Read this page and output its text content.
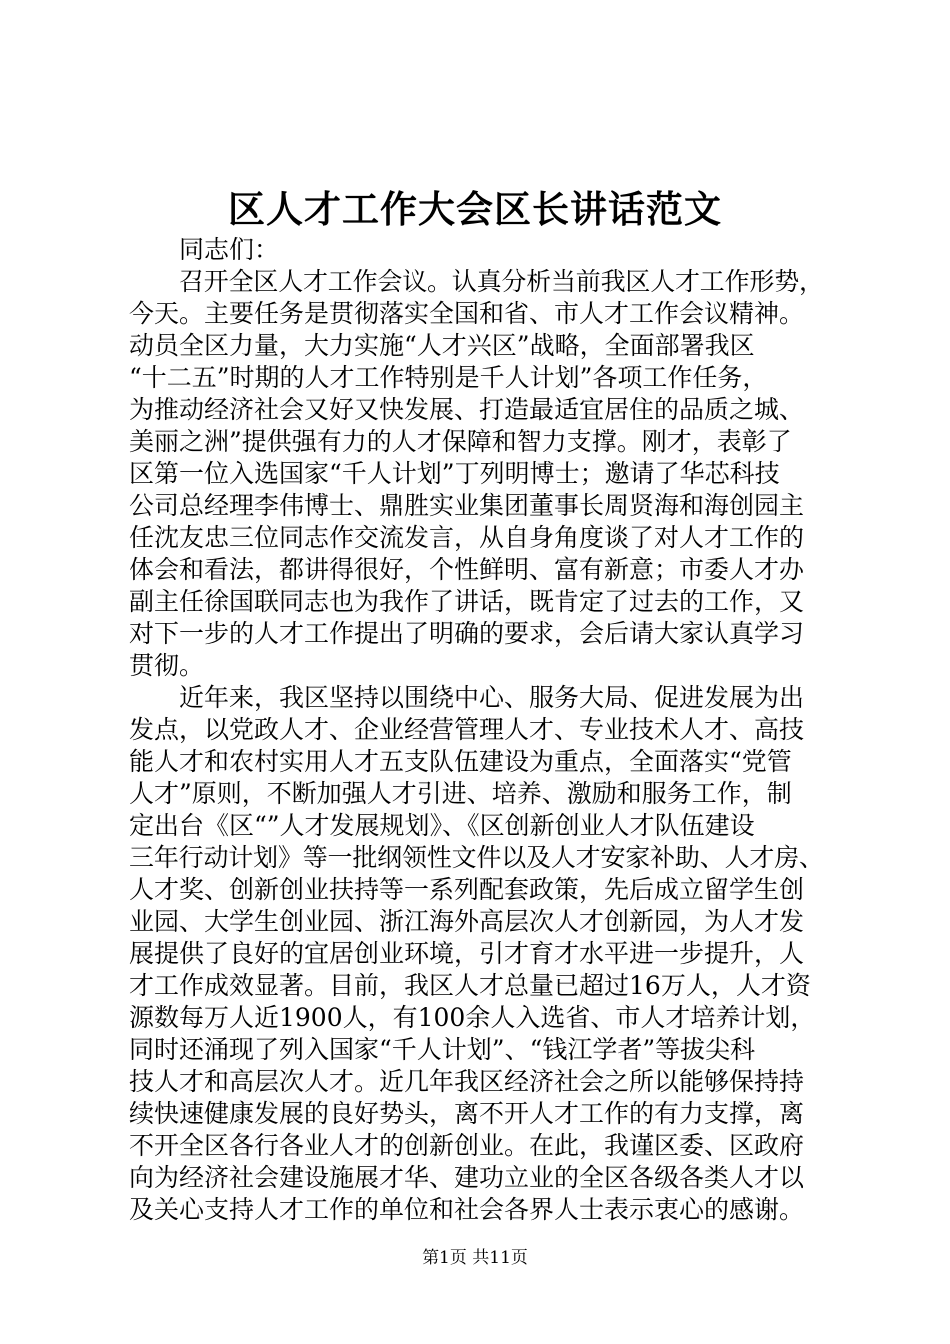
区人才工作大会区长讲话范文
同志们：
召开全区人才工作会议。认真分析当前我区人才工作形势，
今天。主要任务是贯彻落实全国和省、市人才工作会议精神。
动员全区力量，大力实施“人才兴区”战略，全面部署我区
“十二五”时期的人才工作特别是千人计划”各项工作任务，
为推动经济社会又好又快发展、打造最适宜居住的品质之城、
美丽之洲”提供强有力的人才保障和智力支撑。刚才，表彰了
区第一位入选国家“千人计划”丁列明博士；邀请了华芯科技
公司总经理李伟博士、鼎胜实业集团董事长周贤海和海创园主
任沈友忠三位同志作交流发言，从自身角度谈了对人才工作的
体会和看法，都讲得很好，个性鲜明、富有新意；市委人才办
副主任徐国联同志也为我作了讲话，既肯定了过去的工作，又
对下一步的人才工作提出了明确的要求，会后请大家认真学习
贯彻。
近年来，我区坚持以围绕中心、服务大局、促进发展为出
发点，以党政人才、企业经营管理人才、专业技术人才、高技
能人才和农村实用人才五支队伍建设为重点，全面落实“党管
人才”原则，不断加强人才引进、培养、激励和服务工作，制
定出台《区“”人才发展规划》、《区创新创业人才队伍建设
三年行动计划》等一批纲领性文件以及人才安家补助、人才房、
人才奖、创新创业扶持等一系列配套政策，先后成立留学生创
业园、大学生创业园、浙江海外高层次人才创新园，为人才发
展提供了良好的宜居创业环境，引才育才水平进一步提升，人
才工作成效显著。目前，我区人才总量已超过16万人，人才资
源数每万人近1900人，有100余人入选省、市人才培养计划，
同时还涌现了列入国家“千人计划”、“钱江学者”等拔尖科
技人才和高层次人才。近几年我区经济社会之所以能够保持持
续快速健康发展的良好势头，离不开人才工作的有力支撑，离
不开全区各行各业人才的创新创业。在此，我谨区委、区政府
向为经济社会建设施展才华、建功立业的全区各级各类人才以
及关心支持人才工作的单位和社会各界人士表示衷心的感谢。
第1页 共11页
